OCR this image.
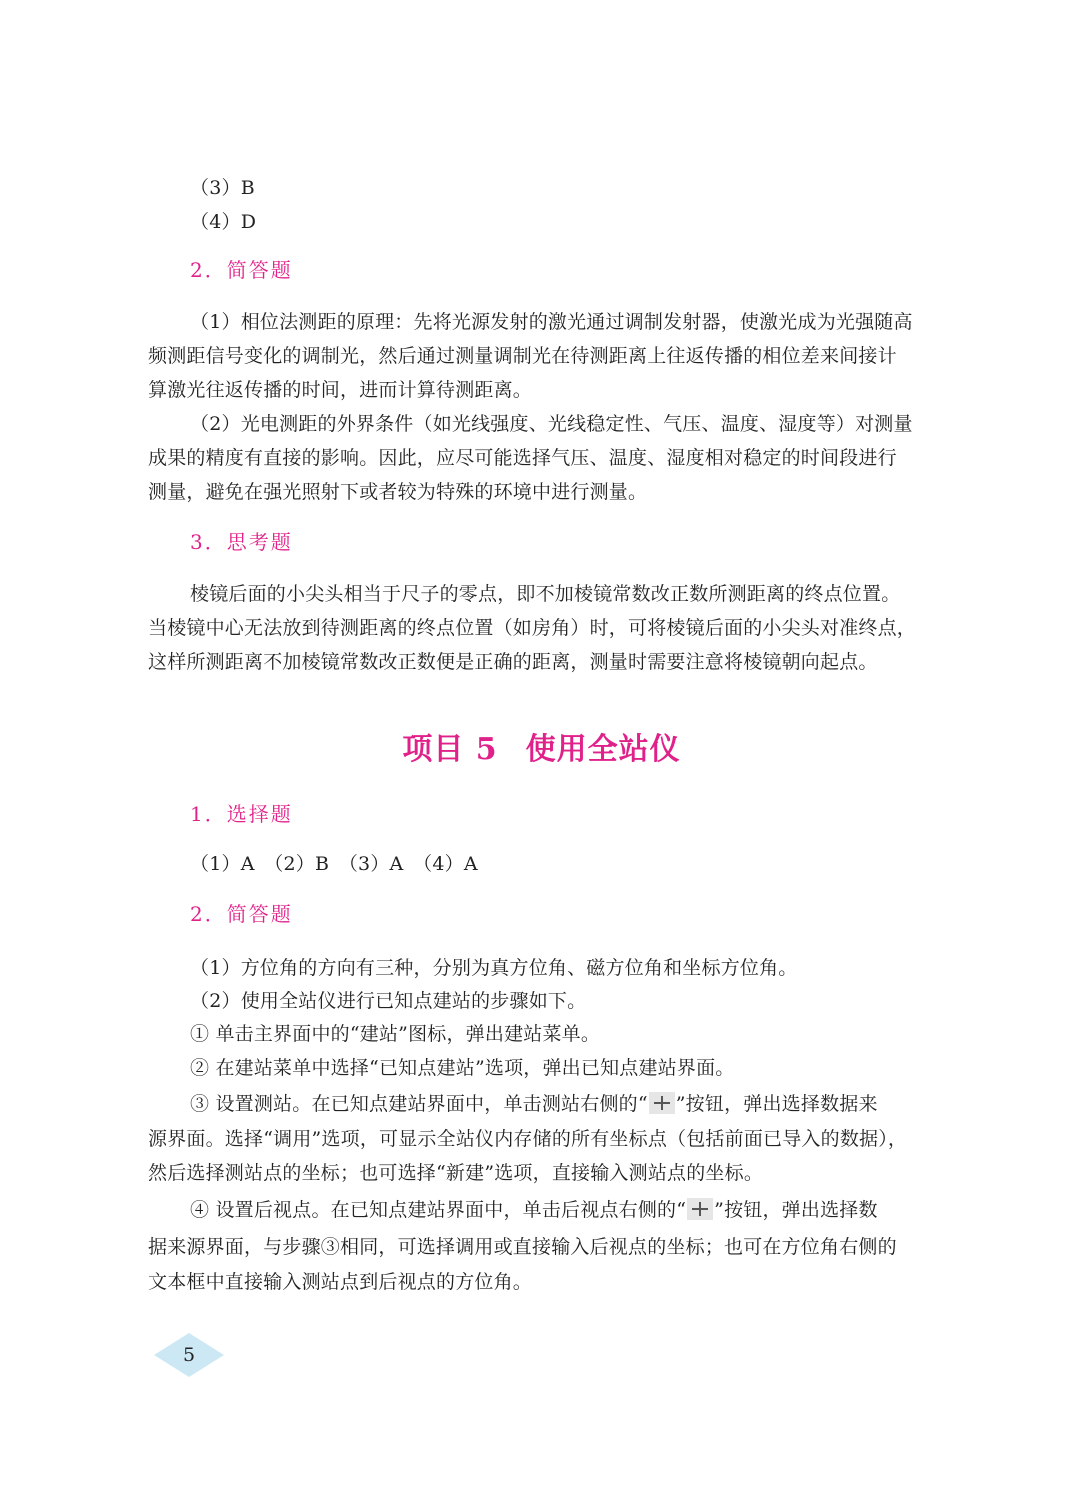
（3）B
（4）D
2．简答题
（1）相位法测距的原理：先将光源发射的激光通过调制发射器，使激光成为光强随高
频测距信号变化的调制光，然后通过测量调制光在待测距离上往返传播的相位差来间接计
算激光往返传播的时间，进而计算待测距离。
（2）光电测距的外界条件（如光线强度、光线稳定性、气压、温度、湿度等）对测量
成果的精度有直接的影响。因此，应尽可能选择气压、温度、湿度相对稳定的时间段进行
测量，避免在强光照射下或者较为特殊的环境中进行测量。
3．思考题
棱镜后面的小尖头相当于尺子的零点，即不加棱镜常数改正数所测距离的终点位置。
当棱镜中心无法放到待测距离的终点位置（如房角）时，可将棱镜后面的小尖头对准终点，
这样所测距离不加棱镜常数改正数便是正确的距离，测量时需要注意将棱镜朝向起点。
项目 5 使用全站仪
1．选择题
（1）A　（2）B　（3）A　（4）A
2．简答题
（1）方位角的方向有三种，分别为真方位角、磁方位角和坐标方位角。
（2）使用全站仪进行已知点建站的步骤如下。
① 单击主界面中的“建站”图标，弹出建站菜单。
② 在建站菜单中选择“已知点建站”选项，弹出已知点建站界面。
③ 设置测站。在已知点建站界面中，单击测站右侧的“ ”按钮，弹出选择数据来
源界面。选择“调用”选项，可显示全站仪内存储的所有坐标点（包括前面已导入的数据），
然后选择测站点的坐标；也可选择“新建”选项，直接输入测站点的坐标。
④ 设置后视点。在已知点建站界面中，单击后视点右侧的“ ”按钮，弹出选择数
据来源界面，与步骤③相同，可选择调用或直接输入后视点的坐标；也可在方位角右侧的
文本框中直接输入测站点到后视点的方位角。
5
